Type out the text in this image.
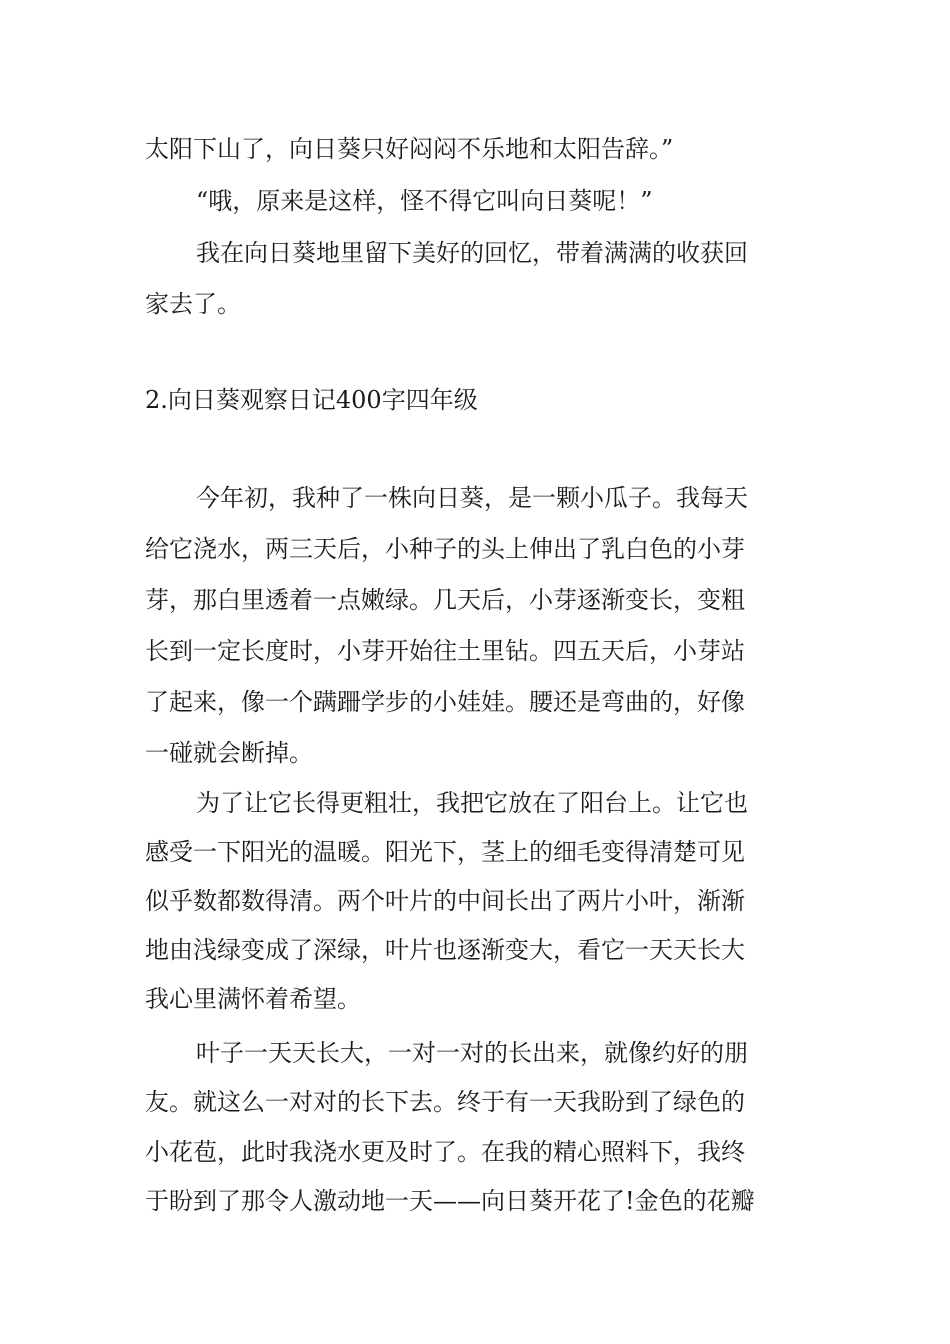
太阳下山了，向日葵只好闷闷不乐地和太阳告辞。”
“哦，原来是这样，怪不得它叫向日葵呢！”
我在向日葵地里留下美好的回忆，带着满满的收获回
家去了。
2.向日葵观察日记400字四年级
今年初，我种了一株向日葵，是一颗小瓜子。我每天
给它浇水，两三天后，小种子的头上伸出了乳白色的小芽
芽，那白里透着一点嫩绿。几天后，小芽逐渐变长，变粗
长到一定长度时，小芽开始往土里钻。四五天后，小芽站
了起来，像一个蹒跚学步的小娃娃。腰还是弯曲的，好像
一碰就会断掉。
为了让它长得更粗壮，我把它放在了阳台上。让它也
感受一下阳光的温暖。阳光下，茎上的细毛变得清楚可见
似乎数都数得清。两个叶片的中间长出了两片小叶，渐渐
地由浅绿变成了深绿，叶片也逐渐变大，看它一天天长大
我心里满怀着希望。
叶子一天天长大，一对一对的长出来，就像约好的朋
友。就这么一对对的长下去。终于有一天我盼到了绿色的
小花苞，此时我浇水更及时了。在我的精心照料下，我终
于盼到了那令人激动地一天——向日葵开花了!金色的花瓣
